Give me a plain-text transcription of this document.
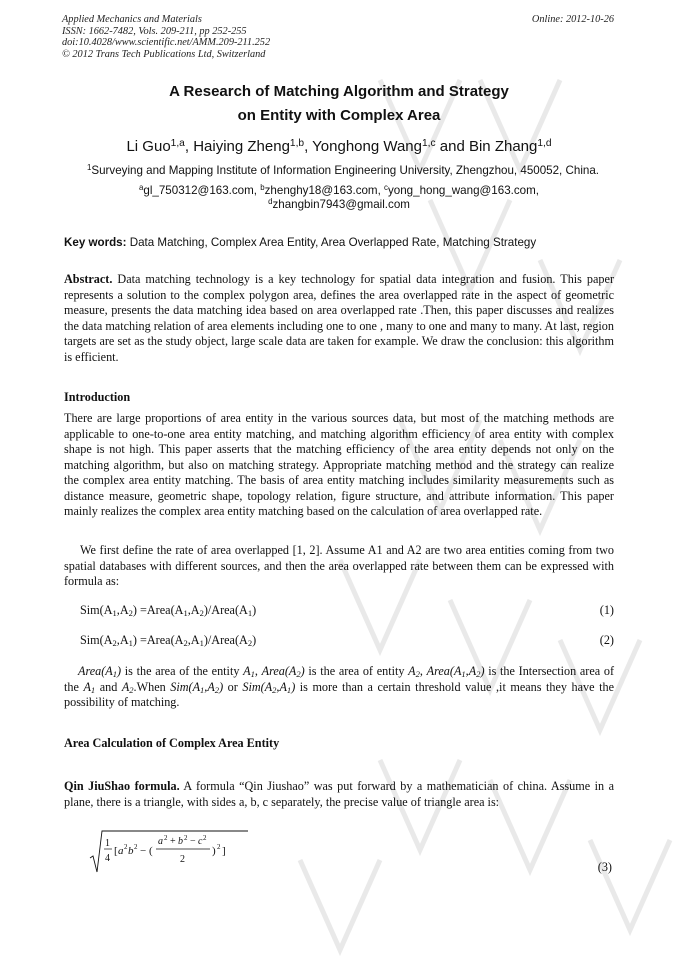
Applied Mechanics and Materials
ISSN: 1662-7482, Vols. 209-211, pp 252-255
doi:10.4028/www.scientific.net/AMM.209-211.252
© 2012 Trans Tech Publications Ltd, Switzerland
Online: 2012-10-26
A Research of Matching Algorithm and Strategy
on Entity with Complex Area
Li Guo$^{1,a}$, Haiying Zheng$^{1,b}$, Yonghong Wang$^{1,c}$ and Bin Zhang$^{1,d}$
$^1$Surveying and Mapping Institute of Information Engineering University, Zhengzhou, 450052, China.
$^a$gl_750312@163.com, $^b$zhenghy18@163.com, $^c$yong_hong_wang@163.com,
$^d$zhangbin7943@gmail.com
Key words: Data Matching, Complex Area Entity, Area Overlapped Rate, Matching Strategy
Abstract. Data matching technology is a key technology for spatial data integration and fusion. This paper represents a solution to the complex polygon area, defines the area overlapped rate in the aspect of geometric measure, presents the data matching idea based on area overlapped rate .Then, this paper discusses and realizes the data matching relation of area elements including one to one , many to one and many to many. At last, region targets are set as the study object, large scale data are taken for example. We draw the conclusion: this algorithm is efficient.
Introduction
There are large proportions of area entity in the various sources data, but most of the matching methods are applicable to one-to-one area entity matching, and matching algorithm efficiency of area entity with complex shape is not high. This paper asserts that the matching efficiency of the area entity depends not only on the matching algorithm, but also on matching strategy. Appropriate matching method and the strategy can realize the complex area entity matching. The basis of area entity matching includes similarity measurements such as distance measure, geometric shape, topology relation, figure structure, and attribute information. This paper mainly realizes the complex area entity matching based on the calculation of area overlapped rate.
We first define the rate of area overlapped [1, 2]. Assume A1 and A2 are two area entities coming from two spatial databases with different sources, and then the area overlapped rate between them can be expressed with formula as:
$Sim(A_1,A_2)$ $=Area(A_1,A_2)/Area(A_1)$	(1)
$Sim(A_2,A_1)$ $=Area(A_2,A_1)/Area(A_2)$	(2)
$Area(A_1)$ is the area of the entity $A_1$, $Area(A_2)$ is the area of entity $A_2$, $Area(A_1,A_2)$ is the Intersection area of the $A_1$ and $A_2.When$ $Sim(A_1,A_2)$ or $Sim(A_2,A_1)$ is more than a certain threshold value ,it means they have the possibility of matching.
Area Calculation of Complex Area Entity
Qin JiuShao formula. A formula “Qin Jiushao” was put forward by a mathematician of china. Assume in a plane, there is a triangle, with sides a, b, c separately, the precise value of triangle area is:
1
4
[ a 2 b 2 − (
a 2 + b 2 − c 2
2
) 2 ]
(3)
